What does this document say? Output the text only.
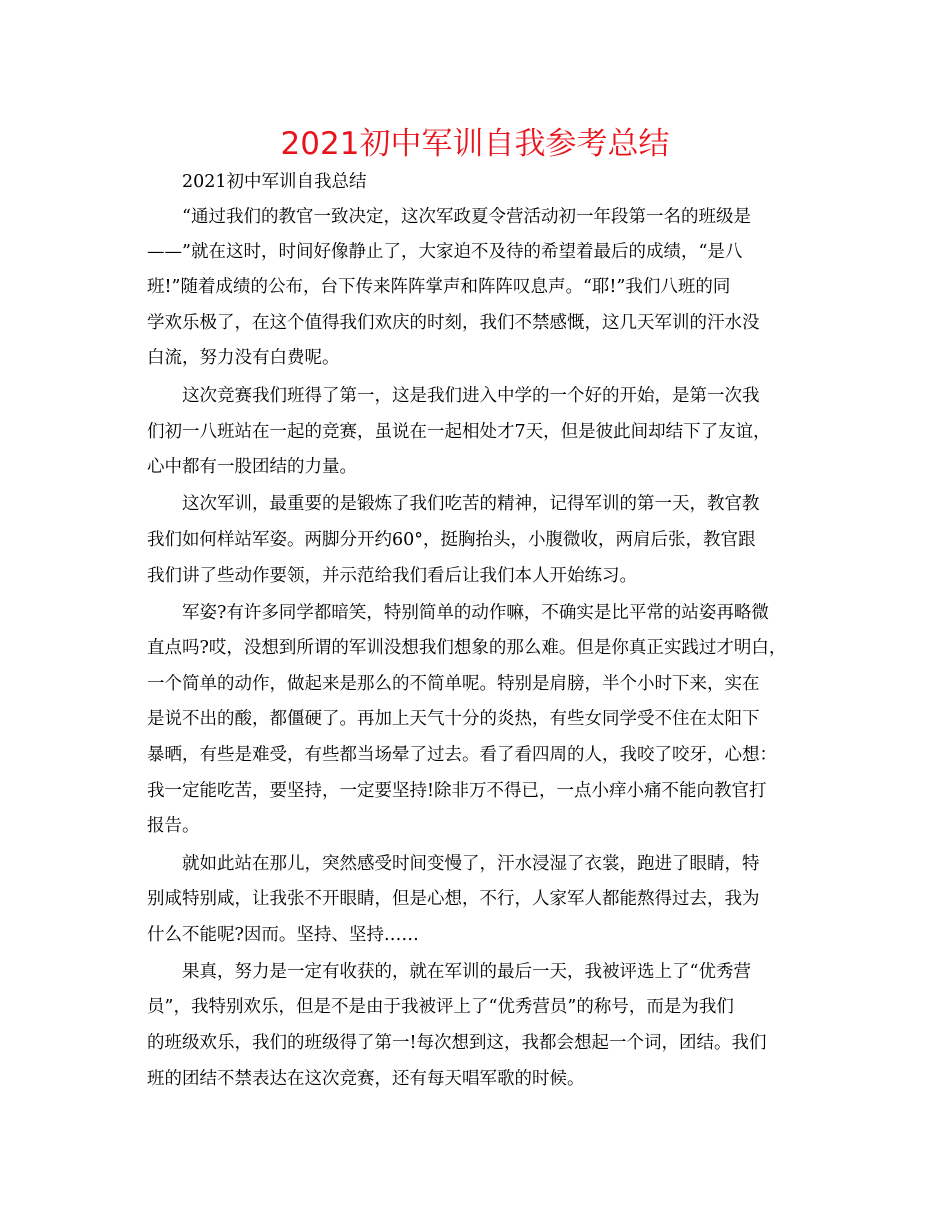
2021初中军训自我参考总结
2021初中军训自我总结
“通过我们的教官一致决定，这次军政夏令营活动初一年段第一名的班级是
——”就在这时，时间好像静止了，大家迫不及待的希望着最后的成绩，“是八
班!”随着成绩的公布，台下传来阵阵掌声和阵阵叹息声。“耶!”我们八班的同
学欢乐极了，在这个值得我们欢庆的时刻，我们不禁感慨，这几天军训的汗水没
白流，努力没有白费呢。
这次竞赛我们班得了第一，这是我们进入中学的一个好的开始，是第一次我
们初一八班站在一起的竞赛，虽说在一起相处才7天，但是彼此间却结下了友谊，
心中都有一股团结的力量。
这次军训，最重要的是锻炼了我们吃苦的精神，记得军训的第一天，教官教
我们如何样站军姿。两脚分开约60°，挺胸抬头，小腹微收，两肩后张，教官跟
我们讲了些动作要领，并示范给我们看后让我们本人开始练习。
军姿?有许多同学都暗笑，特别简单的动作嘛，不确实是比平常的站姿再略微
直点吗?哎，没想到所谓的军训没想我们想象的那么难。但是你真正实践过才明白，
一个简单的动作，做起来是那么的不简单呢。特别是肩膀，半个小时下来，实在
是说不出的酸，都僵硬了。再加上天气十分的炎热，有些女同学受不住在太阳下
暴晒，有些是难受，有些都当场晕了过去。看了看四周的人，我咬了咬牙，心想：
我一定能吃苦，要坚持，一定要坚持!除非万不得已，一点小痒小痛不能向教官打
报告。
就如此站在那儿，突然感受时间变慢了，汗水浸湿了衣裳，跑进了眼睛，特
别咸特别咸，让我张不开眼睛，但是心想，不行，人家军人都能熬得过去，我为
什么不能呢?因而。坚持、坚持……
果真，努力是一定有收获的，就在军训的最后一天，我被评选上了“优秀营
员”，我特别欢乐，但是不是由于我被评上了“优秀营员”的称号，而是为我们
的班级欢乐，我们的班级得了第一!每次想到这，我都会想起一个词，团结。我们
班的团结不禁表达在这次竞赛，还有每天唱军歌的时候。
